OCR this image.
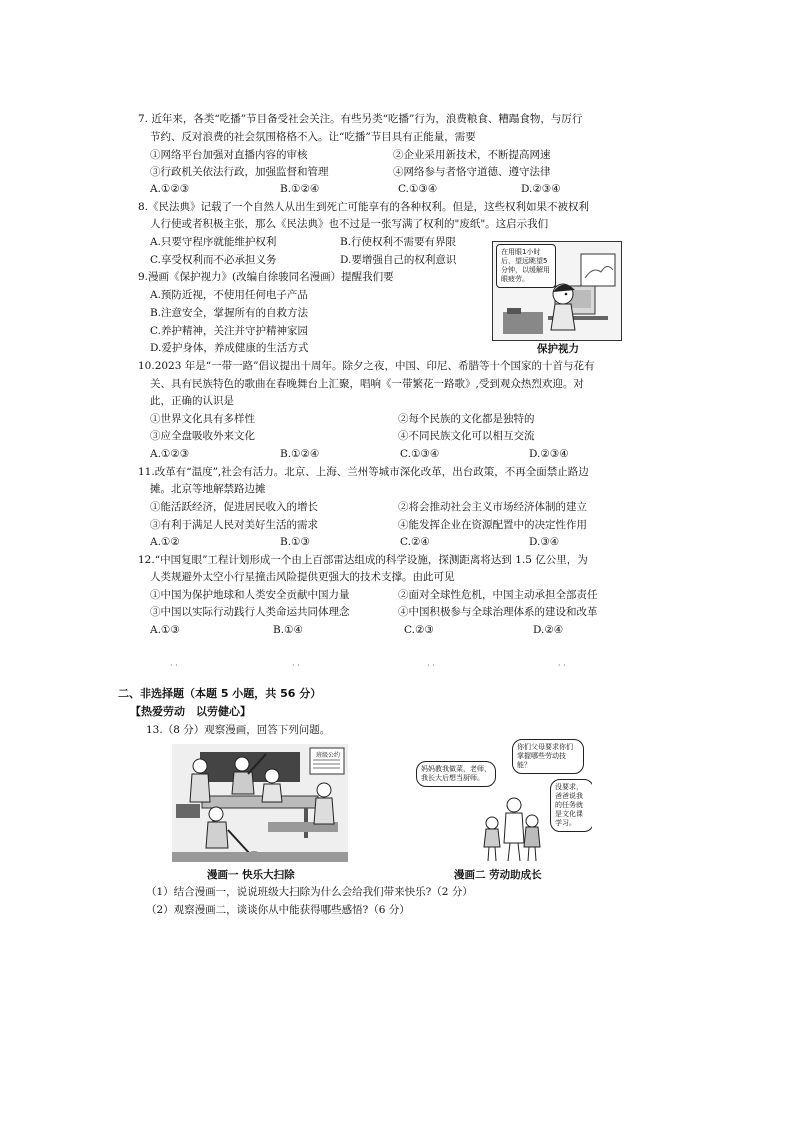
7. 近年来，各类“吃播”节目备受社会关注。有些另类“吃播”行为，浪费粮食、糟蹋食物，与厉行
节约、反对浪费的社会氛围格格不入。让“吃播”节目具有正能量，需要
①网络平台加强对直播内容的审核	②企业采用新技术，不断提高网速
③行政机关依法行政，加强监督和管理	④网络参与者恪守道德、遵守法律
A.①②③	B.①②④	C.①③④	D.②③④
8.《民法典》记载了一个自然人从出生到死亡可能享有的各种权利。但是，这些权利如果不被权利
人行使或者积极主张，那么《民法典》也不过是一张写满了权利的"废纸"。这启示我们
A.只要守程序就能维护权利	B.行使权利不需要有界限
C.享受权利而不必承担义务	D.要增强自己的权利意识
9.漫画《保护视力》(改编自徐骏同名漫画）提醒我们要
A.预防近视，不使用任何电子产品
B.注意安全，掌握所有的自救方法
C.养护精神，关注并守护精神家园
D.爱护身体，养成健康的生活方式
在用眼1小时后，望远眺望5分钟，以缓解用眼疲劳。
保护视力
10.2023 年是“一带一路”倡议提出十周年。除夕之夜，中国、印尼、希腊等十个国家的十首与花有
关、具有民族特色的歌曲在春晚舞台上汇聚，唱响《一带繁花一路歌》,受到观众热烈欢迎。对
此，正确的认识是
①世界文化具有多样性	②每个民族的文化都是独特的
③应全盘吸收外来文化	④不同民族文化可以相互交流
A.①②③	B.①②④	C.①③④	D.②③④
11.改革有“温度”,社会有活力。北京、上海、兰州等城市深化改革，出台政策，不再全面禁止路边
摊。北京等地解禁路边摊
①能活跃经济，促进居民收入的增长	②将会推动社会主义市场经济体制的建立
③有利于满足人民对美好生活的需求	④能发挥企业在资源配置中的决定性作用
A.①②	B.①③	C.②④	D.③④
12.“中国复眼”工程计划形成一个由上百部雷达组成的科学设施，探测距离将达到 1.5 亿公里，为
人类规避外太空小行星撞击风险提供更强大的技术支撑。由此可见
①中国为保护地球和人类安全贡献中国力量	②面对全球性危机，中国主动承担全部责任
③中国以实际行动践行人类命运共同体理念	④中国积极参与全球治理体系的建设和改革
A.①③	B.①④	C.②③	D.②④
· ·	· ·	· ·	· ·
二、非选择题（本题 5 小题，共 56 分）
【热爱劳动　以劳健心】
13.（8 分）观察漫画，回答下列问题。
班级公约
漫画一 快乐大扫除
妈妈教我做菜，老师，我长大后想当厨师。
你们父母要求你们掌握哪些劳动技能？
没要求，爸爸说我的任务就是文化课学习。
漫画二 劳动助成长
（1）结合漫画一，说说班级大扫除为什么会给我们带来快乐?（2 分）
（2）观察漫画二，谈谈你从中能获得哪些感悟?（6 分）
